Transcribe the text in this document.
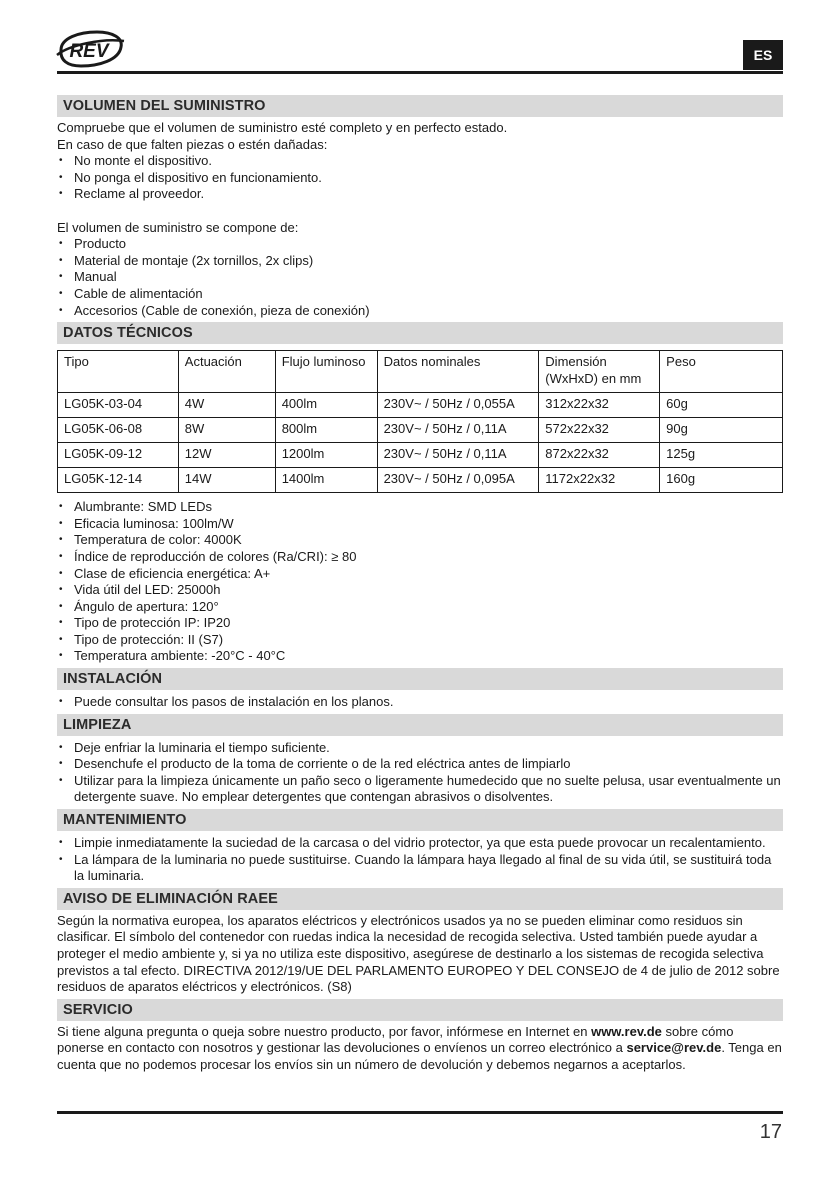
REV	ES
VOLUMEN DEL SUMINISTRO
Compruebe que el volumen de suministro esté completo y en perfecto estado.
En caso de que falten piezas o estén dañadas:
• No monte el dispositivo.
• No ponga el dispositivo en funcionamiento.
• Reclame al proveedor.
El volumen de suministro se compone de:
• Producto
• Material de montaje (2x tornillos, 2x clips)
• Manual
• Cable de alimentación
• Accesorios (Cable de conexión, pieza de conexión)
DATOS TÉCNICOS
Tipo	Actuación	Flujo luminoso	Datos nominales	Dimensión (WxHxD) en mm	Peso
LG05K-03-04	4W	400lm	230V~ / 50Hz / 0,055A	312x22x32	60g
LG05K-06-08	8W	800lm	230V~ / 50Hz / 0,11A	572x22x32	90g
LG05K-09-12	12W	1200lm	230V~ / 50Hz / 0,11A	872x22x32	125g
LG05K-12-14	14W	1400lm	230V~ / 50Hz / 0,095A	1172x22x32	160g
• Alumbrante: SMD LEDs
• Eficacia luminosa: 100lm/W
• Temperatura de color: 4000K
• Índice de reproducción de colores (Ra/CRI): ≥ 80
• Clase de eficiencia energética: A+
• Vida útil del LED: 25000h
• Ángulo de apertura: 120°
• Tipo de protección IP: IP20
• Tipo de protección: II (S7)
• Temperatura ambiente: -20°C - 40°C
INSTALACIÓN
• Puede consultar los pasos de instalación en los planos.
LIMPIEZA
• Deje enfriar la luminaria el tiempo suficiente.
• Desenchufe el producto de la toma de corriente o de la red eléctrica antes de limpiarlo
• Utilizar para la limpieza únicamente un paño seco o ligeramente humedecido que no suelte pelusa, usar eventualmente un detergente suave. No emplear detergentes que contengan abrasivos o disolventes.
MANTENIMIENTO
• Limpie inmediatamente la suciedad de la carcasa o del vidrio protector, ya que esta puede provocar un recalentamiento.
• La lámpara de la luminaria no puede sustituirse. Cuando la lámpara haya llegado al final de su vida útil, se sustituirá toda la luminaria.
AVISO DE ELIMINACIÓN RAEE
Según la normativa europea, los aparatos eléctricos y electrónicos usados ya no se pueden eliminar como residuos sin clasificar. El símbolo del contenedor con ruedas indica la necesidad de recogida selectiva. Usted también puede ayudar a proteger el medio ambiente y, si ya no utiliza este dispositivo, asegúrese de destinarlo a los sistemas de recogida selectiva previstos a tal efecto. DIRECTIVA 2012/19/UE DEL PARLAMENTO EUROPEO Y DEL CONSEJO de 4 de julio de 2012 sobre residuos de aparatos eléctricos y electrónicos. (S8)
SERVICIO
Si tiene alguna pregunta o queja sobre nuestro producto, por favor, infórmese en Internet en www.rev.de sobre cómo ponerse en contacto con nosotros y gestionar las devoluciones o envíenos un correo electrónico a service@rev.de. Tenga en cuenta que no podemos procesar los envíos sin un número de devolución y debemos negarnos a aceptarlos.
17
